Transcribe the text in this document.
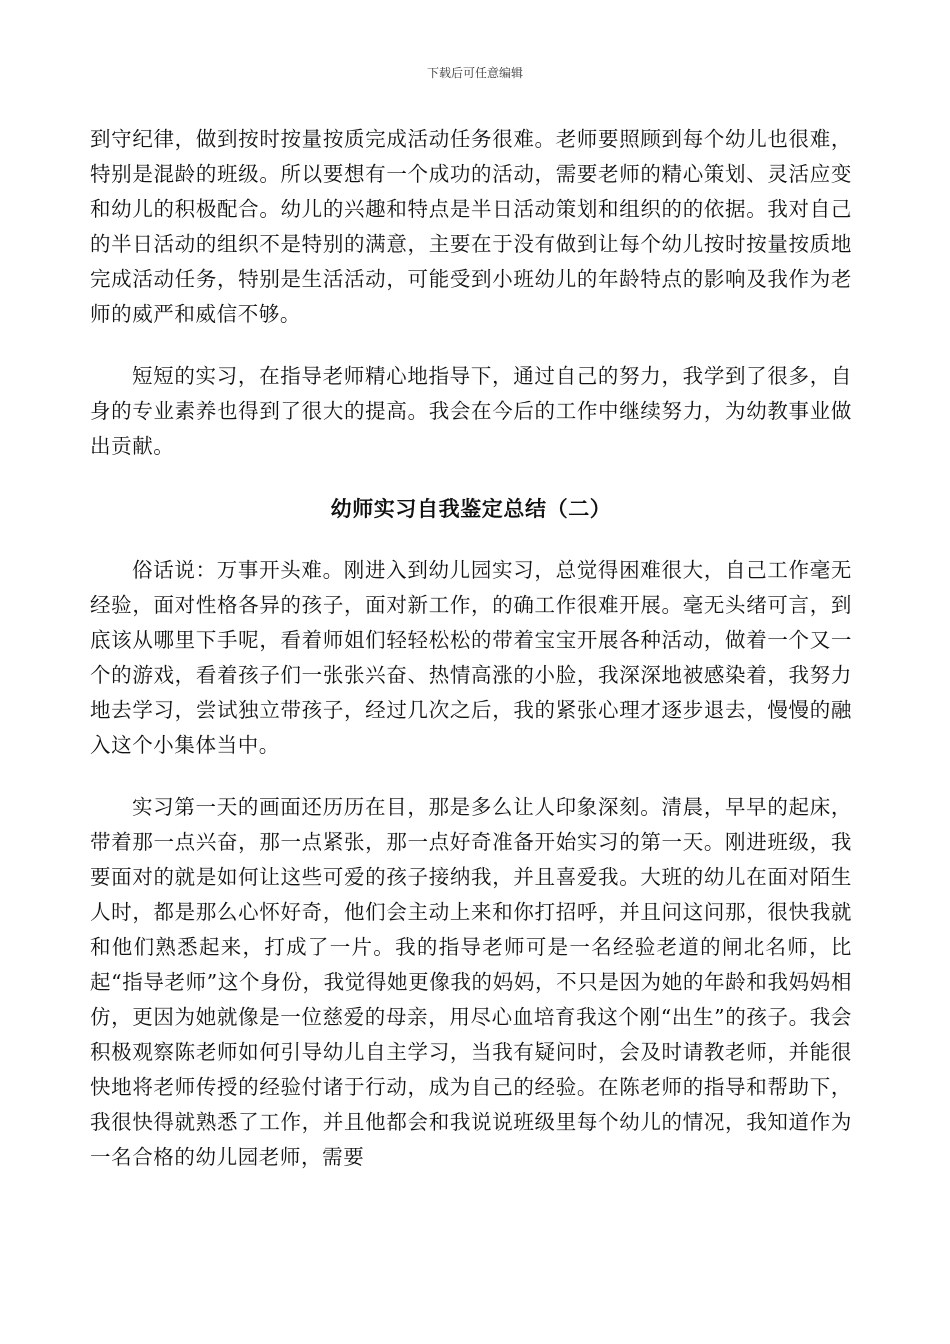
下载后可任意编辑

到守纪律，做到按时按量按质完成活动任务很难。老师要照顾到每个幼儿也很难，特别是混龄的班级。所以要想有一个成功的活动，需要老师的精心策划、灵活应变和幼儿的积极配合。幼儿的兴趣和特点是半日活动策划和组织的的依据。我对自己的半日活动的组织不是特别的满意，主要在于没有做到让每个幼儿按时按量按质地完成活动任务，特别是生活活动，可能受到小班幼儿的年龄特点的影响及我作为老师的威严和威信不够。

短短的实习，在指导老师精心地指导下，通过自己的努力，我学到了很多，自身的专业素养也得到了很大的提高。我会在今后的工作中继续努力，为幼教事业做出贡献。

幼师实习自我鉴定总结（二）

俗话说：万事开头难。刚进入到幼儿园实习，总觉得困难很大，自己工作毫无经验，面对性格各异的孩子，面对新工作，的确工作很难开展。毫无头绪可言，到底该从哪里下手呢，看着师姐们轻轻松松的带着宝宝开展各种活动，做着一个又一个的游戏，看着孩子们一张张兴奋、热情高涨的小脸，我深深地被感染着，我努力地去学习，尝试独立带孩子，经过几次之后，我的紧张心理才逐步退去，慢慢的融入这个小集体当中。

实习第一天的画面还历历在目，那是多么让人印象深刻。清晨，早早的起床，带着那一点兴奋，那一点紧张，那一点好奇准备开始实习的第一天。刚进班级，我要面对的就是如何让这些可爱的孩子接纳我，并且喜爱我。大班的幼儿在面对陌生人时，都是那么心怀好奇，他们会主动上来和你打招呼，并且问这问那，很快我就和他们熟悉起来，打成了一片。我的指导老师可是一名经验老道的闸北名师，比起“指导老师”这个身份，我觉得她更像我的妈妈，不只是因为她的年龄和我妈妈相仿，更因为她就像是一位慈爱的母亲，用尽心血培育我这个刚“出生”的孩子。我会积极观察陈老师如何引导幼儿自主学习，当我有疑问时，会及时请教老师，并能很快地将老师传授的经验付诸于行动，成为自己的经验。在陈老师的指导和帮助下，我很快得就熟悉了工作，并且他都会和我说说班级里每个幼儿的情况，我知道作为一名合格的幼儿园老师，需要
